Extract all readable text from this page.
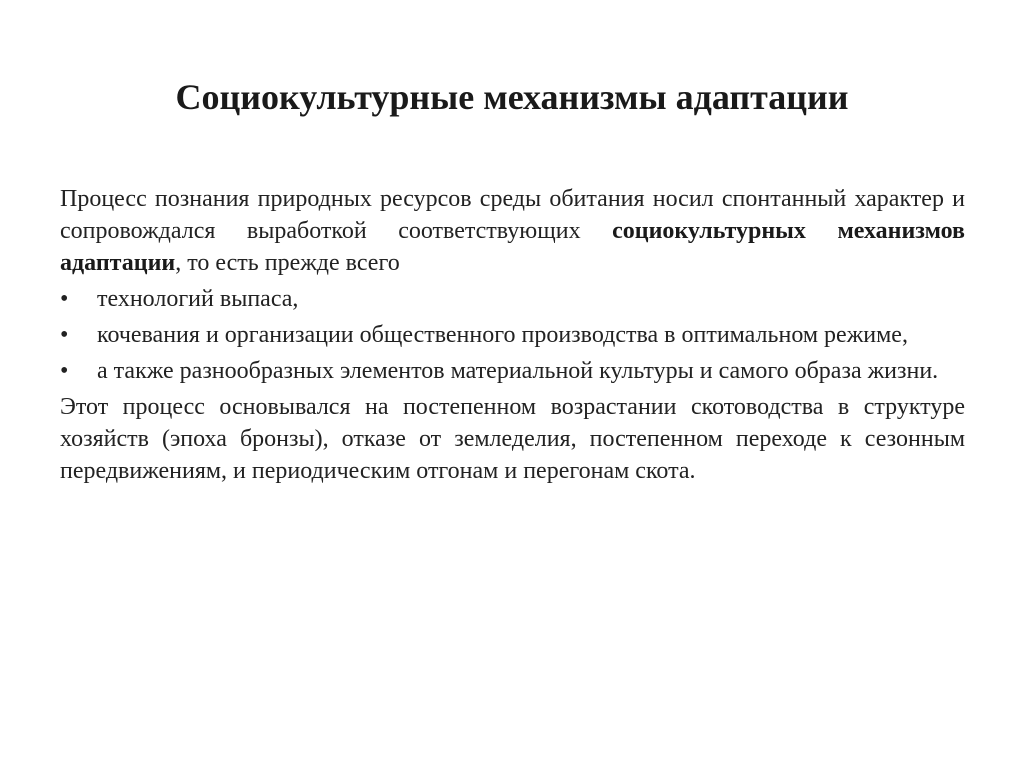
Социокультурные механизмы адаптации

Процесс познания природных ресурсов среды обитания носил спонтанный характер и сопровождался выработкой соответствующих социокультурных механизмов адаптации, то есть прежде всего

• технологий выпаса,
• кочевания и организации общественного производства в оптимальном режиме,
• а также разнообразных элементов материальной культуры и самого образа жизни.

Этот процесс основывался на постепенном возрастании скотоводства в структуре хозяйств (эпоха бронзы), отказе от земледелия, постепенном переходе к сезонным передвижениям, и периодическим отгонам и перегонам скота.
